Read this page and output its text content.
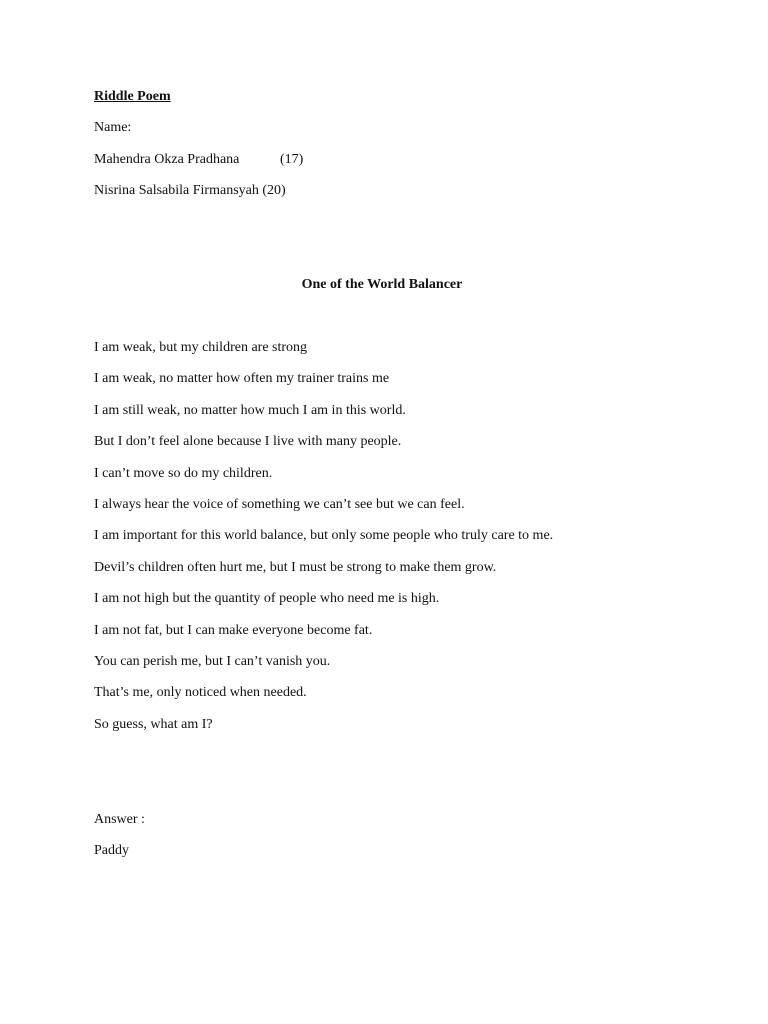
Riddle Poem
Name:
Mahendra Okza Pradhana	(17)
Nisrina Salsabila Firmansyah (20)
One of the World Balancer
I am weak, but my children are strong
I am weak, no matter how often my trainer trains me
I am still weak, no matter how much I am in this world.
But I don’t feel alone because I live with many people.
I can’t move so do my children.
I always hear the voice of something we can’t see but we can feel.
I am important for this world balance, but only some people who truly care to me.
Devil’s children often hurt me, but I must be strong to make them grow.
I am not high but the quantity of people who need me is high.
I am not fat, but I can make everyone become fat.
You can perish me, but I can’t vanish you.
That’s me, only noticed when needed.
So guess, what am I?
Answer :
Paddy
